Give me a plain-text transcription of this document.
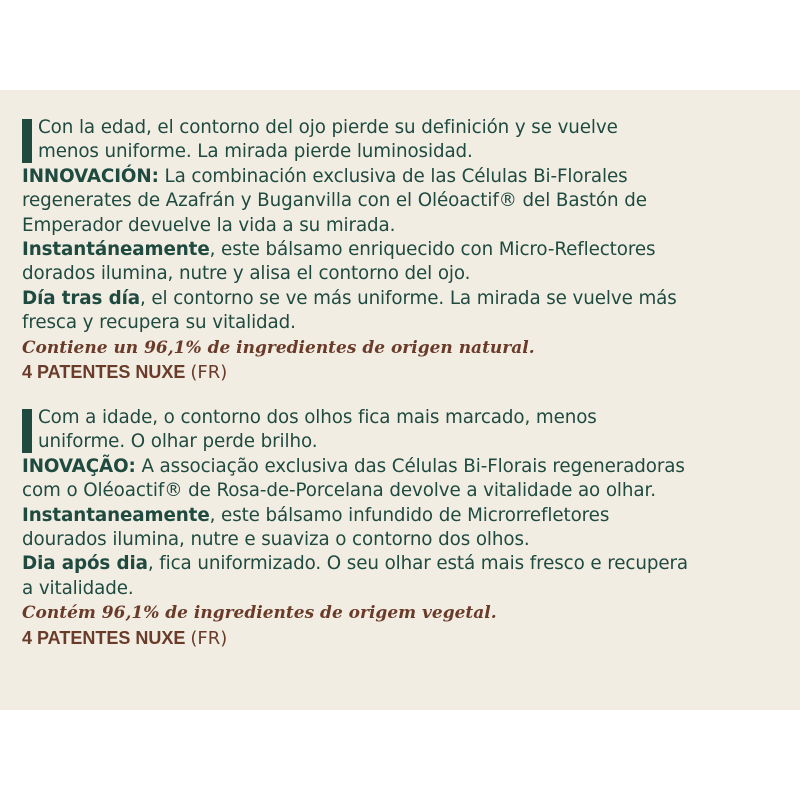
Con la edad, el contorno del ojo pierde su definición y se vuelve
menos uniforme. La mirada pierde luminosidad.
INNOVACIÓN: La combinación exclusiva de las Células Bi-Florales
regenerates de Azafrán y Buganvilla con el Oléoactif® del Bastón de
Emperador devuelve la vida a su mirada.
Instantáneamente, este bálsamo enriquecido con Micro-Reflectores
dorados ilumina, nutre y alisa el contorno del ojo.
Día tras día, el contorno se ve más uniforme. La mirada se vuelve más
fresca y recupera su vitalidad.
Contiene un 96,1% de ingredientes de origen natural.
4 PATENTES NUXE (FR)
Com a idade, o contorno dos olhos fica mais marcado, menos
uniforme. O olhar perde brilho.
INOVAÇÃO: A associação exclusiva das Células Bi-Florais regeneradoras
com o Oléoactif® de Rosa-de-Porcelana devolve a vitalidade ao olhar.
Instantaneamente, este bálsamo infundido de Microrrefletores
dourados ilumina, nutre e suaviza o contorno dos olhos.
Dia após dia, fica uniformizado. O seu olhar está mais fresco e recupera
a vitalidade.
Contém 96,1% de ingredientes de origem vegetal.
4 PATENTES NUXE (FR)
